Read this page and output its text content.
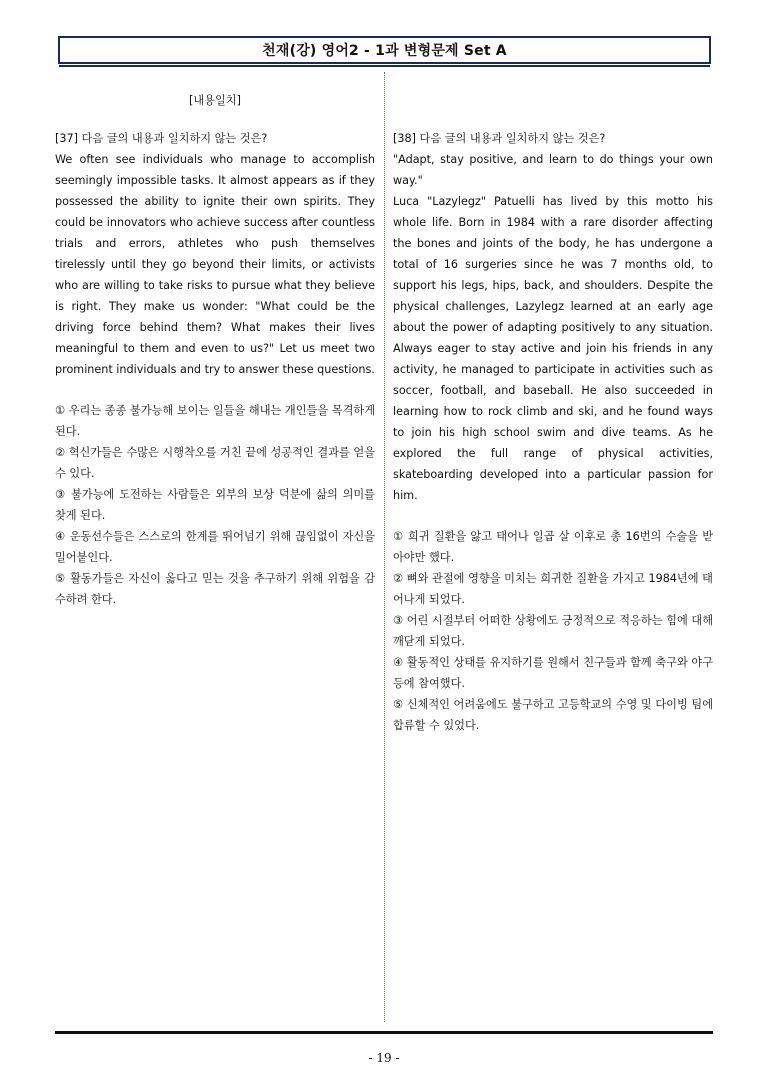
천재(강) 영어2 - 1과 변형문제 Set A
[내용일치]
[37] 다음 글의 내용과 일치하지 않는 것은?

We often see individuals who manage to accomplish seemingly impossible tasks. It almost appears as if they possessed the ability to ignite their own spirits. They could be innovators who achieve success after countless trials and errors, athletes who push themselves tirelessly until they go beyond their limits, or activists who are willing to take risks to pursue what they believe is right. They make us wonder: "What could be the driving force behind them? What makes their lives meaningful to them and even to us?" Let us meet two prominent individuals and try to answer these questions.

① 우리는 종종 불가능해 보이는 일들을 해내는 개인들을 목격하게 된다.

② 혁신가들은 수많은 시행착오를 거친 끝에 성공적인 결과를 얻을 수 있다.

③ 불가능에 도전하는 사람들은 외부의 보상 덕분에 삶의 의미를 찾게 된다.

④ 운동선수들은 스스로의 한계를 뛰어넘기 위해 끊임없이 자신을 밀어붙인다.

⑤ 활동가들은 자신이 옳다고 믿는 것을 추구하기 위해 위험을 감수하려 한다.

[38] 다음 글의 내용과 일치하지 않는 것은?

"Adapt, stay positive, and learn to do things your own way."

Luca "Lazylegz" Patuelli has lived by this motto his whole life. Born in 1984 with a rare disorder affecting the bones and joints of the body, he has undergone a total of 16 surgeries since he was 7 months old, to support his legs, hips, back, and shoulders. Despite the physical challenges, Lazylegz learned at an early age about the power of adapting positively to any situation. Always eager to stay active and join his friends in any activity, he managed to participate in activities such as soccer, football, and baseball. He also succeeded in learning how to rock climb and ski, and he found ways to join his high school swim and dive teams. As he explored the full range of physical activities, skateboarding developed into a particular passion for him.

① 희귀 질환을 앓고 태어나 일곱 살 이후로 총 16번의 수술을 받아야만 했다.

② 뼈와 관절에 영향을 미치는 희귀한 질환을 가지고 1984년에 태어나게 되었다.

③ 어린 시절부터 어떠한 상황에도 긍정적으로 적응하는 힘에 대해 깨닫게 되었다.

④ 활동적인 상태를 유지하기를 원해서 친구들과 함께 축구와 야구 등에 참여했다.

⑤ 신체적인 어려움에도 불구하고 고등학교의 수영 및 다이빙 팀에 합류할 수 있었다.

- 19 -
